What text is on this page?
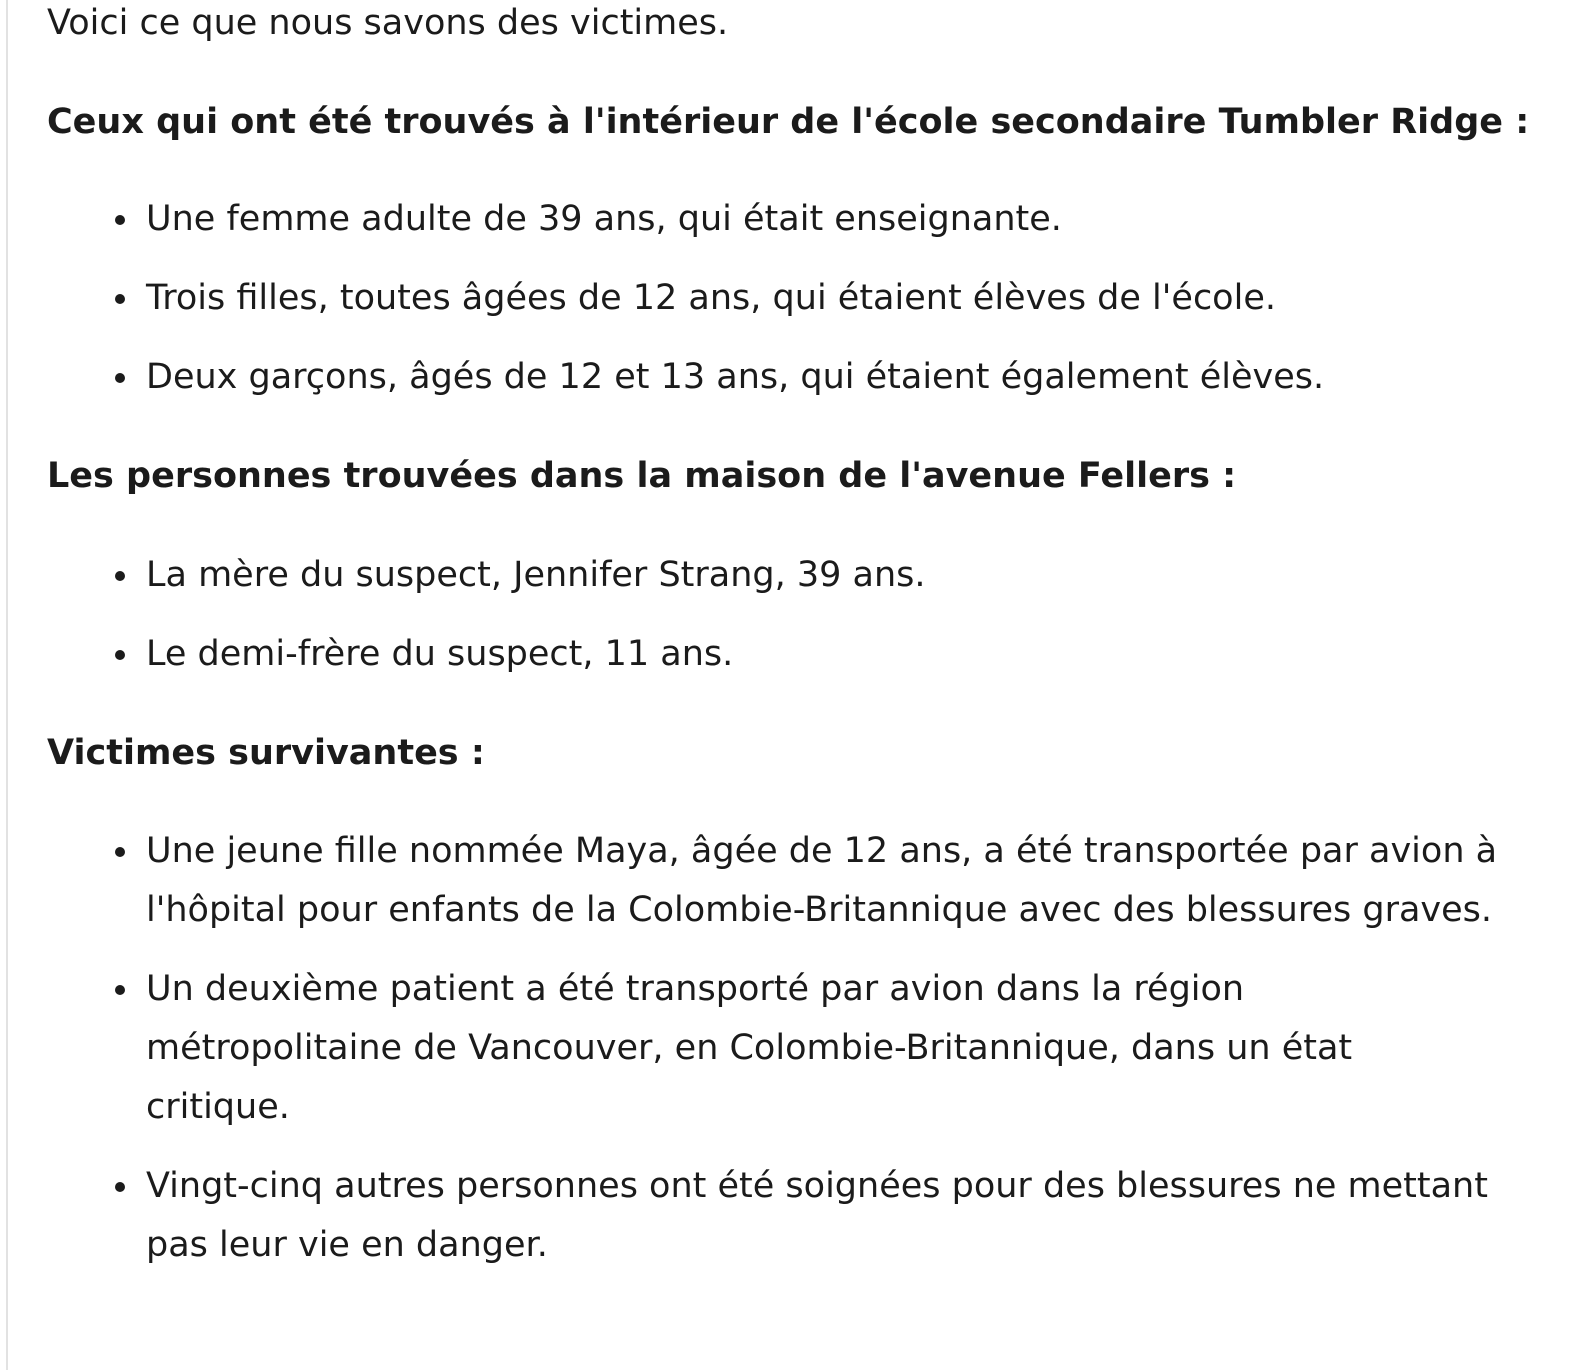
Voici ce que nous savons des victimes.

Ceux qui ont été trouvés à l'intérieur de l'école secondaire Tumbler Ridge :

Une femme adulte de 39 ans, qui était enseignante.
Trois filles, toutes âgées de 12 ans, qui étaient élèves de l'école.
Deux garçons, âgés de 12 et 13 ans, qui étaient également élèves.

Les personnes trouvées dans la maison de l'avenue Fellers :

La mère du suspect, Jennifer Strang, 39 ans.
Le demi-frère du suspect, 11 ans.

Victimes survivantes :

Une jeune fille nommée Maya, âgée de 12 ans, a été transportée par avion à l'hôpital pour enfants de la Colombie-Britannique avec des blessures graves.
Un deuxième patient a été transporté par avion dans la région métropolitaine de Vancouver, en Colombie-Britannique, dans un état critique.
Vingt-cinq autres personnes ont été soignées pour des blessures ne mettant pas leur vie en danger.
